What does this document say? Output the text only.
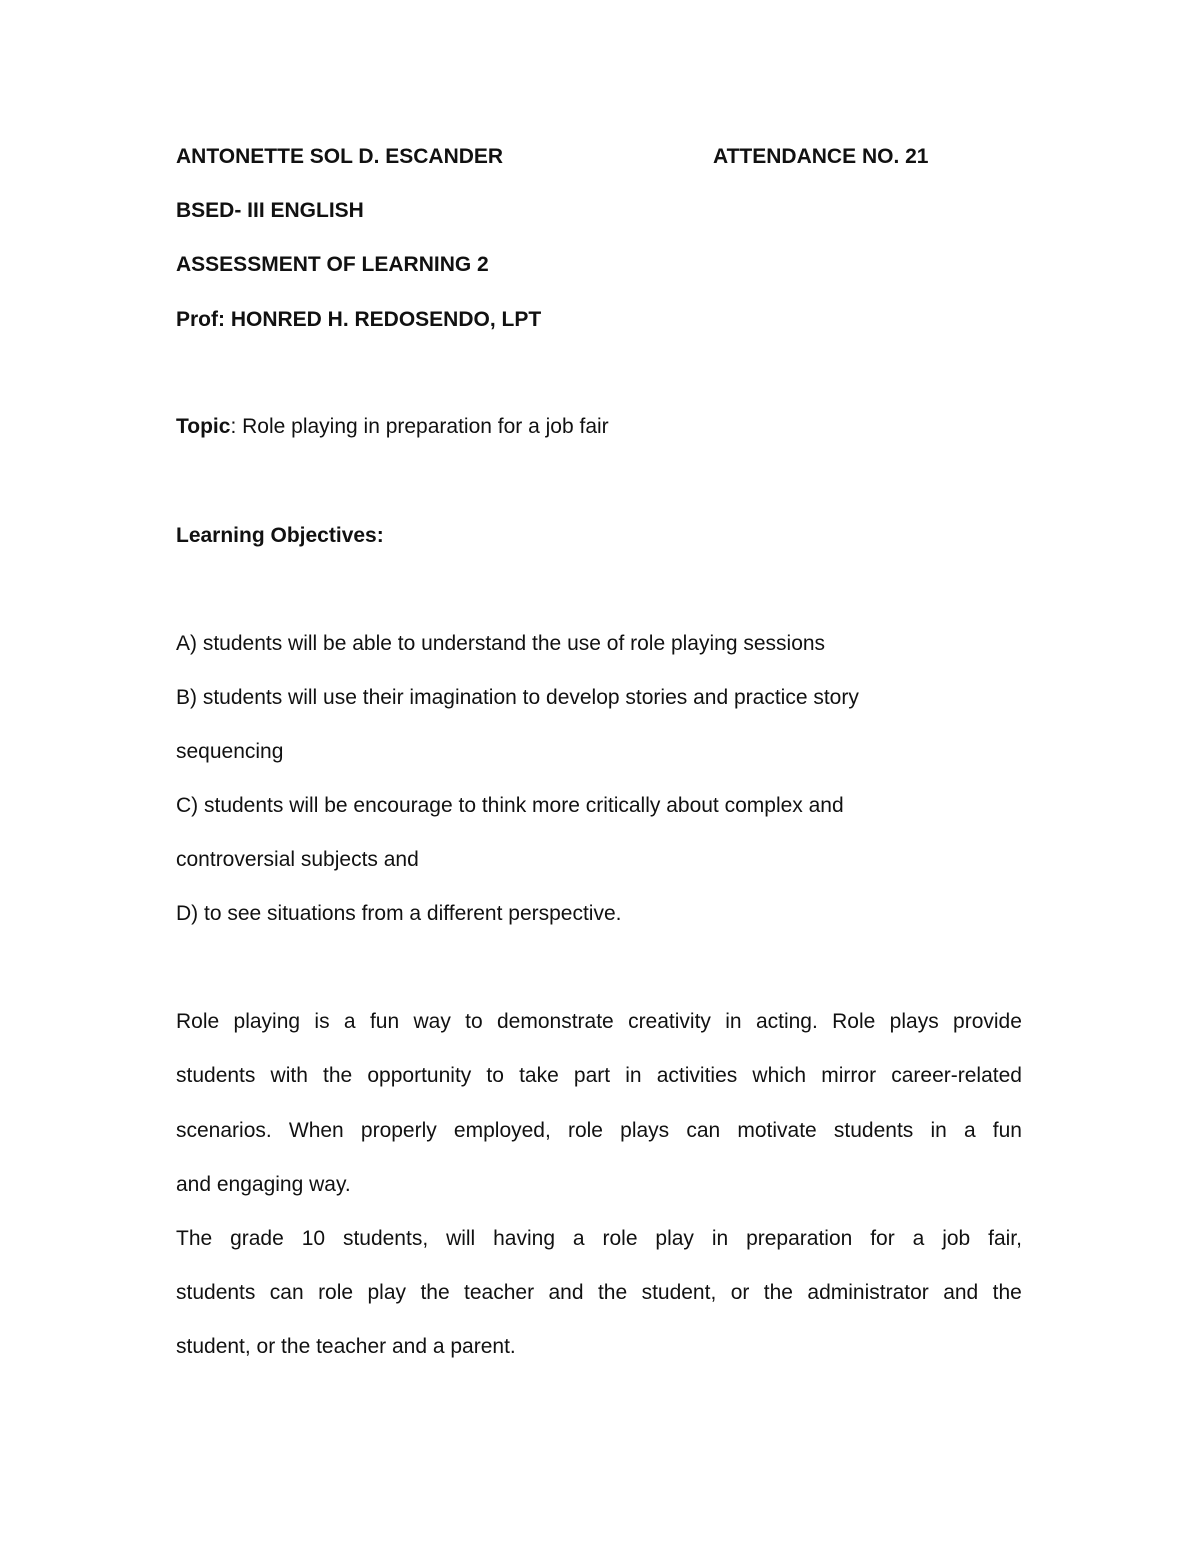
ANTONETTE SOL D. ESCANDER	ATTENDANCE NO. 21
BSED- III ENGLISH
ASSESSMENT OF LEARNING 2
Prof: HONRED H. REDOSENDO, LPT
Topic: Role playing in preparation for a job fair
Learning Objectives:
A) students will be able to understand the use of role playing sessions
B) students will use their imagination to develop stories and practice story
sequencing
C) students will be encourage to think more critically about complex and
controversial subjects and
D) to see situations from a different perspective.
Role playing is a fun way to demonstrate creativity in acting. Role plays provide
students with the opportunity to take part in activities which mirror career-related
scenarios. When properly employed, role plays can motivate students in a fun
and engaging way.
The grade 10 students, will having a role play in preparation for a job fair,
students can role play the teacher and the student, or the administrator and the
student, or the teacher and a parent.
